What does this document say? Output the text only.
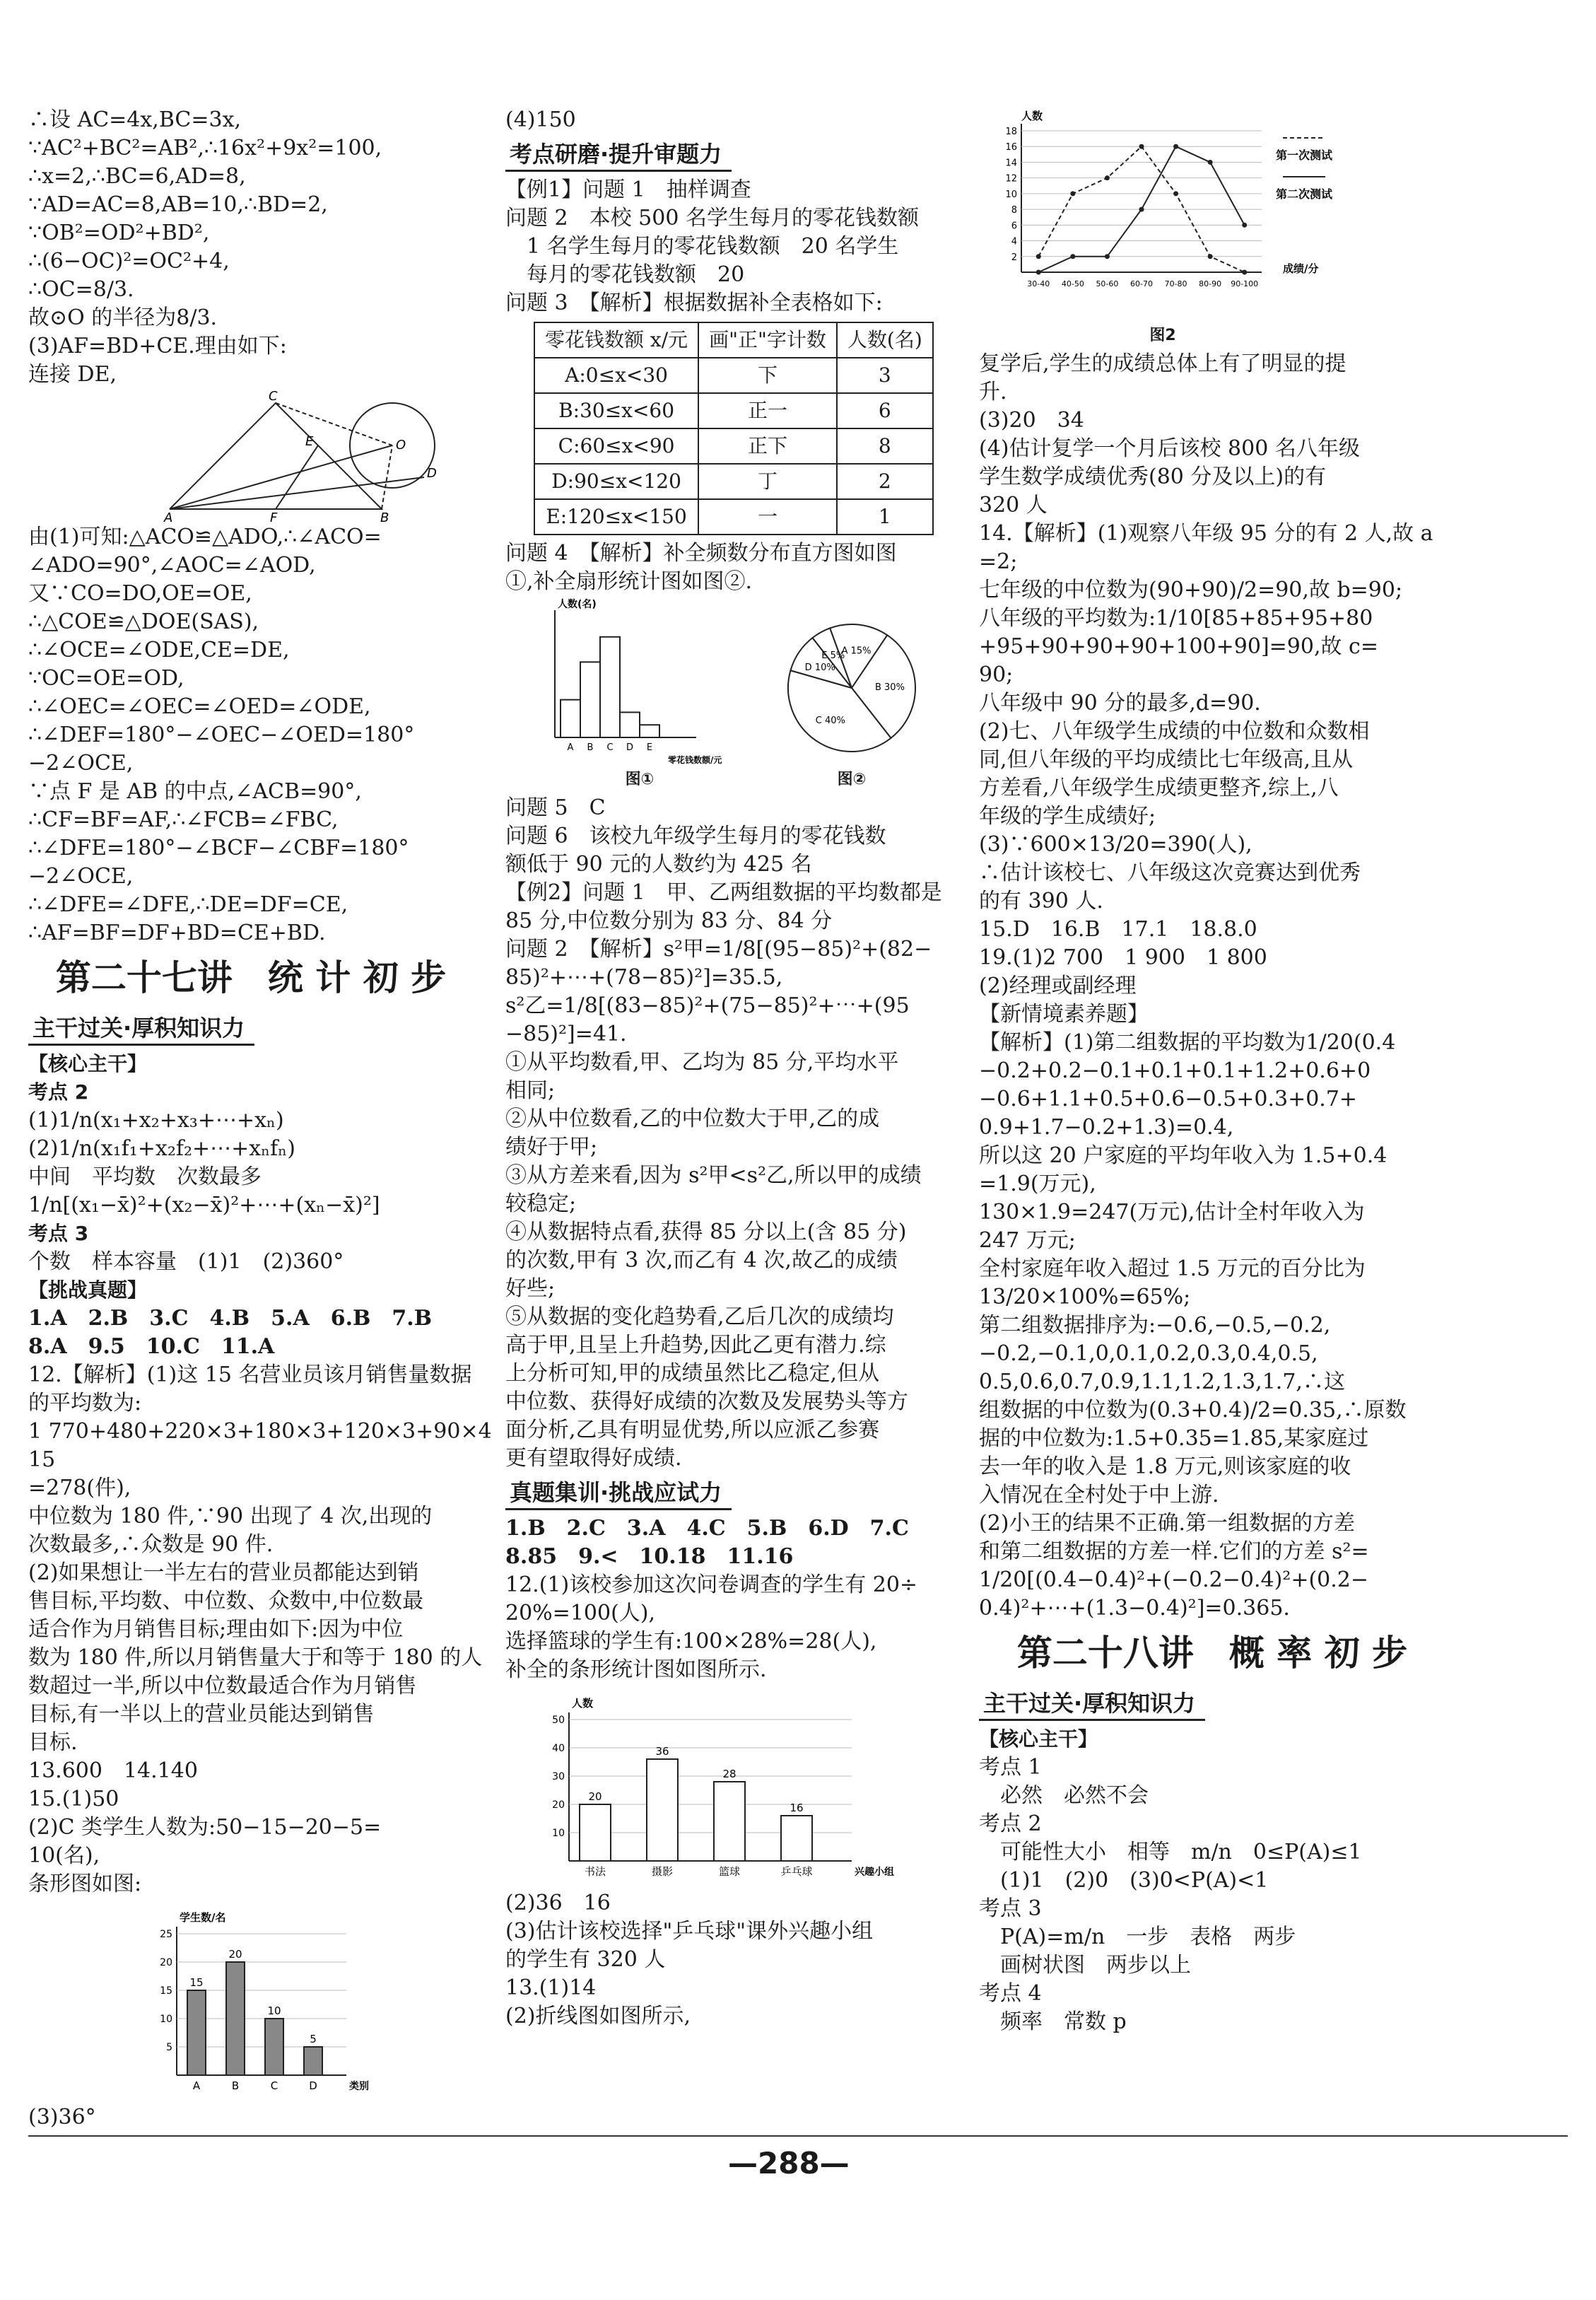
∴设 AC=4x,BC=3x,
∵AC²+BC²=AB²,∴16x²+9x²=100,
∴x=2,∴BC=6,AD=8,
∵AD=AC=8,AB=10,∴BD=2,
∵OB²=OD²+BD²,
∴(6−OC)²=OC²+4,
∴OC=8/3.
故⊙O 的半径为8/3.
(3)AF=BD+CE.理由如下:
连接 DE,
A	F	B
C
E	O
D
由(1)可知:△ACO≌△ADO,∴∠ACO=
∠ADO=90°,∠AOC=∠AOD,
又∵CO=DO,OE=OE,
∴△COE≌△DOE(SAS),
∴∠OCE=∠ODE,CE=DE,
∵OC=OE=OD,
∴∠OEC=∠OEC=∠OED=∠ODE,
∴∠DEF=180°−∠OEC−∠OED=180°
−2∠OCE,
∵点 F 是 AB 的中点,∠ACB=90°,
∴CF=BF=AF,∴∠FCB=∠FBC,
∴∠DFE=180°−∠BCF−∠CBF=180°
−2∠OCE,
∴∠DFE=∠DFE,∴DE=DF=CE,
∴AF=BF=DF+BD=CE+BD.
第二十七讲　统 计 初 步
主干过关·厚积知识力
【核心主干】
考点 2
(1)1/n(x₁+x₂+x₃+⋯+xₙ)
(2)1/n(x₁f₁+x₂f₂+⋯+xₙfₙ)
中间　平均数　次数最多
1/n[(x₁−x̄)²+(x₂−x̄)²+⋯+(xₙ−x̄)²]
考点 3
个数　样本容量　(1)1　(2)360°
【挑战真题】
1.A　2.B　3.C　4.B　5.A　6.B　7.B
8.A　9.5　10.C　11.A
12.【解析】(1)这 15 名营业员该月销售量数据
的平均数为:
1 770+480+220×3+180×3+120×3+90×4
15
=278(件),
中位数为 180 件,∵90 出现了 4 次,出现的
次数最多,∴众数是 90 件.
(2)如果想让一半左右的营业员都能达到销
售目标,平均数、中位数、众数中,中位数最
适合作为月销售目标;理由如下:因为中位
数为 180 件,所以月销售量大于和等于 180 的人
数超过一半,所以中位数最适合作为月销售
目标,有一半以上的营业员能达到销售
目标.
13.600　14.140
15.(1)50
(2)C 类学生人数为:50−15−20−5=
10(名),
条形图如图:
5
10
15
20
25
A
15
B
20
C
10
D
5
学生数/名
类别
(3)36°
(4)150
考点研磨·提升审题力
【例1】问题 1　抽样调查
问题 2　本校 500 名学生每月的零花钱数额
　1 名学生每月的零花钱数额　20 名学生
　每月的零花钱数额　20
问题 3　【解析】根据数据补全表格如下:
零花钱数额 x/元	画"正"字计数	人数(名)
A:0≤x<30	下	3
B:30≤x<60	正一	6
C:60≤x<90	正下	8
D:90≤x<120	丁	2
E:120≤x<150	一	1
问题 4　【解析】补全频数分布直方图如图
①,补全扇形统计图如图②.
A B C D E
人数(名)
零花钱数额/元
图①
A 15%
B 30%
C 40%
D 10%
E 5%
图②
问题 5　C
问题 6　该校九年级学生每月的零花钱数
额低于 90 元的人数约为 425 名
【例2】问题 1　甲、乙两组数据的平均数都是
85 分,中位数分别为 83 分、84 分
问题 2　【解析】s²甲=1/8[(95−85)²+(82−
85)²+⋯+(78−85)²]=35.5,
s²乙=1/8[(83−85)²+(75−85)²+⋯+(95
−85)²]=41.
①从平均数看,甲、乙均为 85 分,平均水平
相同;
②从中位数看,乙的中位数大于甲,乙的成
绩好于甲;
③从方差来看,因为 s²甲<s²乙,所以甲的成绩
较稳定;
④从数据特点看,获得 85 分以上(含 85 分)
的次数,甲有 3 次,而乙有 4 次,故乙的成绩
好些;
⑤从数据的变化趋势看,乙后几次的成绩均
高于甲,且呈上升趋势,因此乙更有潜力.综
上分析可知,甲的成绩虽然比乙稳定,但从
中位数、获得好成绩的次数及发展势头等方
面分析,乙具有明显优势,所以应派乙参赛
更有望取得好成绩.
真题集训·挑战应试力
1.B　2.C　3.A　4.C　5.B　6.D　7.C
8.85　9.<　10.18　11.16
12.(1)该校参加这次问卷调查的学生有 20÷
20%=100(人),
选择篮球的学生有:100×28%=28(人),
补全的条形统计图如图所示.
10
20
30
40
50
书法
20
摄影
36
篮球
28
乒乓球
16
人数
兴趣小组
(2)36　16
(3)估计该校选择"乒乓球"课外兴趣小组
的学生有 320 人
13.(1)14
(2)折线图如图所示,
2
4
6
8
10
12
14
16
18
30-40 40-50 50-60 60-70 70-80 80-90 90-100
第一次测试
第二次测试
人数
成绩/分
图2
复学后,学生的成绩总体上有了明显的提
升.
(3)20　34
(4)估计复学一个月后该校 800 名八年级
学生数学成绩优秀(80 分及以上)的有
320 人
14.【解析】(1)观察八年级 95 分的有 2 人,故 a
=2;
七年级的中位数为(90+90)/2=90,故 b=90;
八年级的平均数为:1/10[85+85+95+80
+95+90+90+90+100+90]=90,故 c=
90;
八年级中 90 分的最多,d=90.
(2)七、八年级学生成绩的中位数和众数相
同,但八年级的平均成绩比七年级高,且从
方差看,八年级学生成绩更整齐,综上,八
年级的学生成绩好;
(3)∵600×13/20=390(人),
∴估计该校七、八年级这次竞赛达到优秀
的有 390 人.
15.D　16.B　17.1　18.8.0
19.(1)2 700　1 900　1 800
(2)经理或副经理
【新情境素养题】
【解析】(1)第二组数据的平均数为1/20(0.4
−0.2+0.2−0.1+0.1+0.1+1.2+0.6+0
−0.6+1.1+0.5+0.6−0.5+0.3+0.7+
0.9+1.7−0.2+1.3)=0.4,
所以这 20 户家庭的平均年收入为 1.5+0.4
=1.9(万元),
130×1.9=247(万元),估计全村年收入为
247 万元;
全村家庭年收入超过 1.5 万元的百分比为
13/20×100%=65%;
第二组数据排序为:−0.6,−0.5,−0.2,
−0.2,−0.1,0,0.1,0.2,0.3,0.4,0.5,
0.5,0.6,0.7,0.9,1.1,1.2,1.3,1.7,∴这
组数据的中位数为(0.3+0.4)/2=0.35,∴原数
据的中位数为:1.5+0.35=1.85,某家庭过
去一年的收入是 1.8 万元,则该家庭的收
入情况在全村处于中上游.
(2)小王的结果不正确.第一组数据的方差
和第二组数据的方差一样.它们的方差 s²=
1/20[(0.4−0.4)²+(−0.2−0.4)²+(0.2−
0.4)²+⋯+(1.3−0.4)²]=0.365.
第二十八讲　概 率 初 步
主干过关·厚积知识力
【核心主干】
考点 1
　必然　必然不会
考点 2
　可能性大小　相等　m/n　0≤P(A)≤1
　(1)1　(2)0　(3)0<P(A)<1
考点 3
　P(A)=m/n　一步　表格　两步
　画树状图　两步以上
考点 4
　频率　常数 p
—288—
